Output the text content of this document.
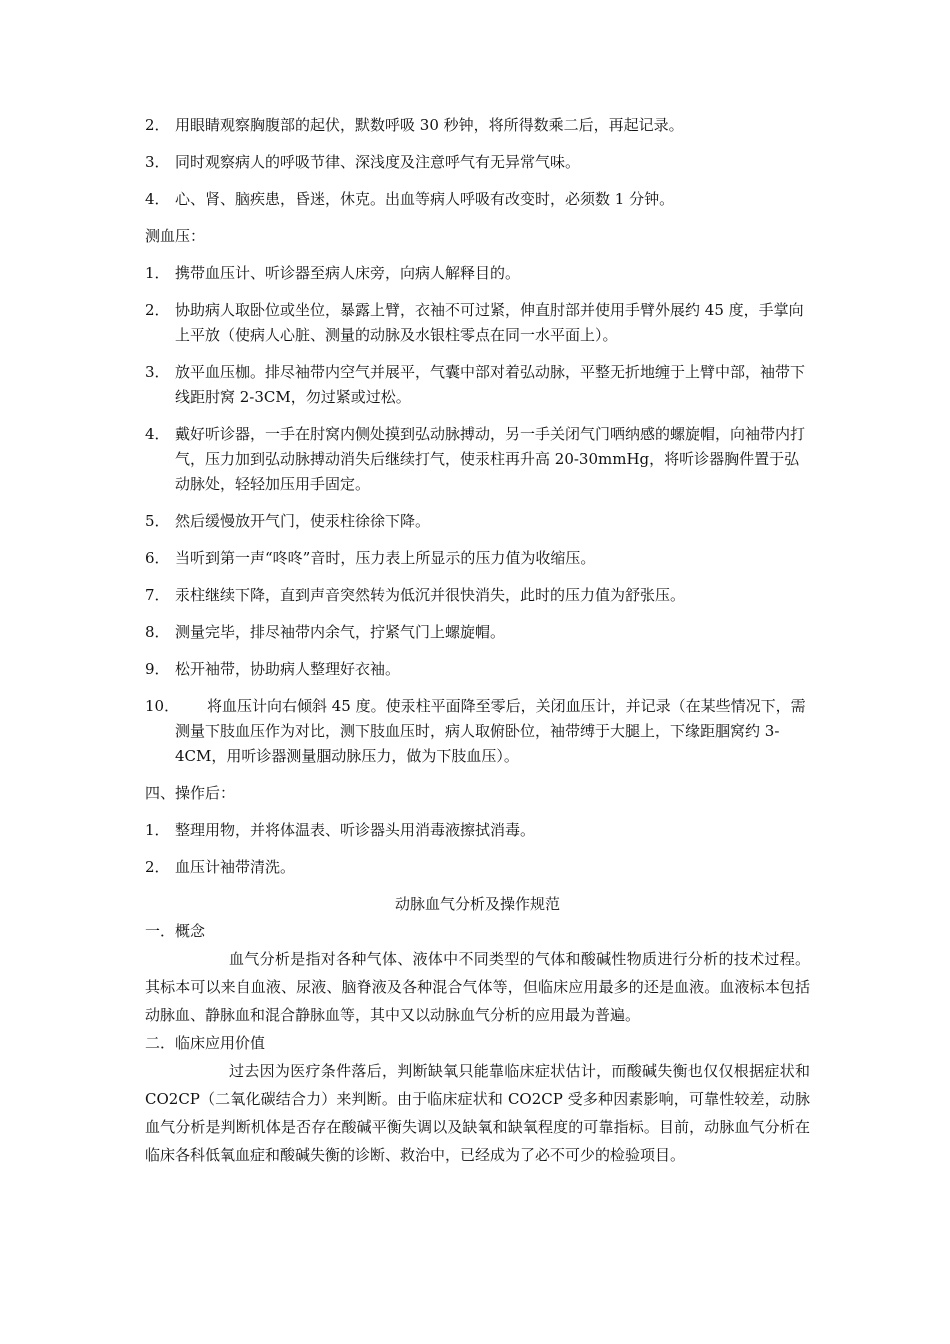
2． 用眼睛观察胸腹部的起伏，默数呼吸 30 秒钟，将所得数乘二后，再起记录。
3． 同时观察病人的呼吸节律、深浅度及注意呼气有无异常气味。
4． 心、肾、脑疾患，昏迷，休克。出血等病人呼吸有改变时，必须数 1 分钟。
测血压：
1． 携带血压计、听诊器至病人床旁，向病人解释目的。
2． 协助病人取卧位或坐位，暴露上臂，衣袖不可过紧，伸直肘部并使用手臂外展约 45 度，手掌向上平放（使病人心脏、测量的动脉及水银柱零点在同一水平面上）。
3． 放平血压枷。排尽袖带内空气并展平，气囊中部对着弘动脉，平整无折地缠于上臂中部，袖带下线距肘窝 2-3CM，勿过紧或过松。
4． 戴好听诊器，一手在肘窝内侧处摸到弘动脉搏动，另一手关闭气门哂纳感的螺旋帽，向袖带内打气，压力加到弘动脉搏动消失后继续打气，使汞柱再升高 20-30mmHg，将听诊器胸件置于弘动脉处，轻轻加压用手固定。
5． 然后缓慢放开气门，使汞柱徐徐下降。
6． 当听到第一声“咚咚”音时，压力表上所显示的压力值为收缩压。
7． 汞柱继续下降，直到声音突然转为低沉并很快消失，此时的压力值为舒张压。
8． 测量完毕，排尽袖带内余气，拧紧气门上螺旋帽。
9． 松开袖带，协助病人整理好衣袖。
10．	将血压计向右倾斜 45 度。使汞柱平面降至零后，关闭血压计，并记录（在某些情况下，需测量下肢血压作为对比，测下肢血压时，病人取俯卧位，袖带缚于大腿上，下缘距腘窝约 3-4CM，用听诊器测量腘动脉压力，做为下肢血压）。
四、操作后：
1． 整理用物，并将体温表、听诊器头用消毒液擦拭消毒。
2． 血压计袖带清洗。
动脉血气分析及操作规范
一．概念
血气分析是指对各种气体、液体中不同类型的气体和酸碱性物质进行分析的技术过程。其标本可以来自血液、尿液、脑脊液及各种混合气体等，但临床应用最多的还是血液。血液标本包括动脉血、静脉血和混合静脉血等，其中又以动脉血气分析的应用最为普遍。
二．临床应用价值
过去因为医疗条件落后，判断缺氧只能靠临床症状估计，而酸碱失衡也仅仅根据症状和 CO2CP（二氧化碳结合力）来判断。由于临床症状和 CO2CP 受多种因素影响，可靠性较差，动脉血气分析是判断机体是否存在酸碱平衡失调以及缺氧和缺氧程度的可靠指标。目前，动脉血气分析在临床各科低氧血症和酸碱失衡的诊断、救治中，已经成为了必不可少的检验项目。
